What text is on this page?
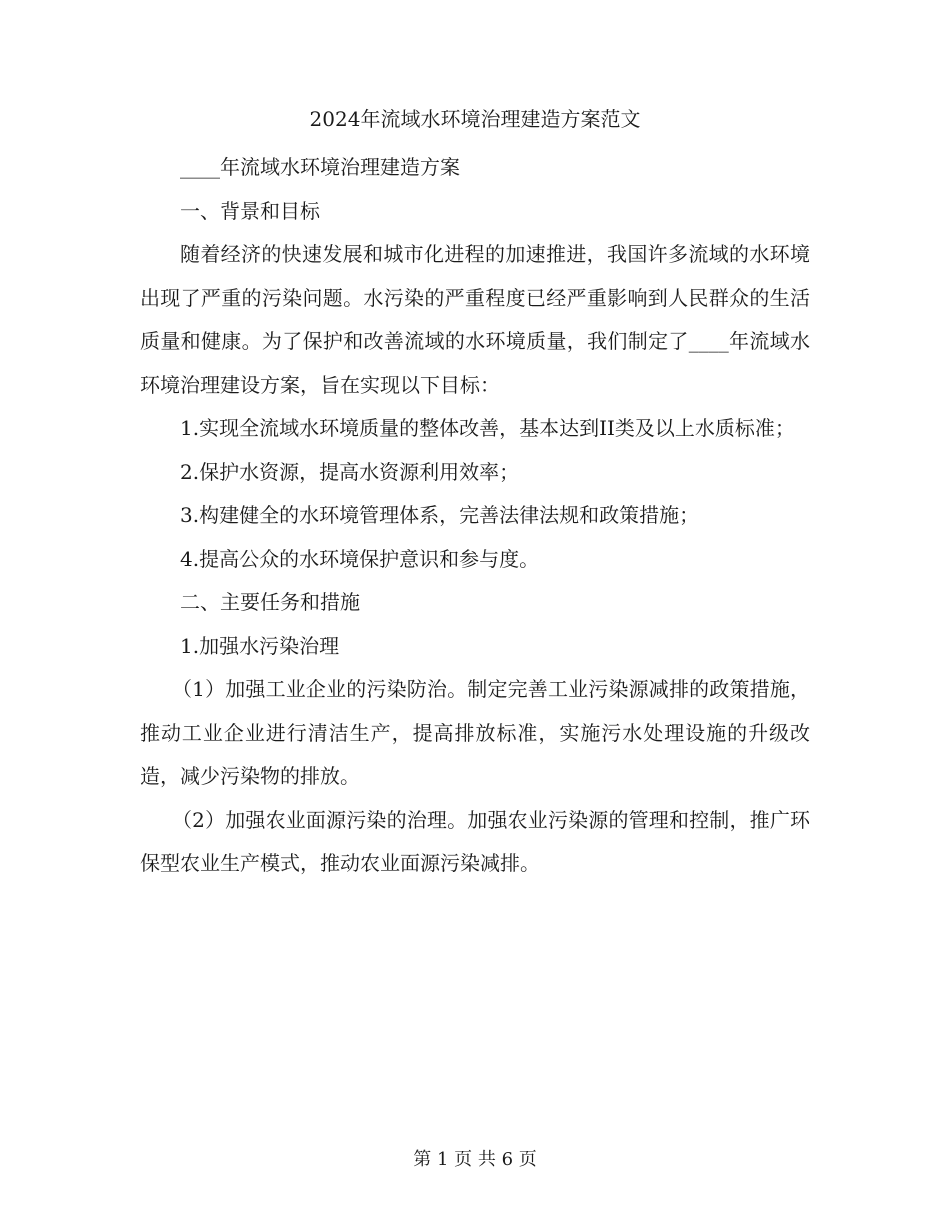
2024年流域水环境治理建造方案范文

____年流域水环境治理建造方案

一、背景和目标

随着经济的快速发展和城市化进程的加速推进，我国许多流域的水环境出现了严重的污染问题。水污染的严重程度已经严重影响到人民群众的生活质量和健康。为了保护和改善流域的水环境质量，我们制定了____年流域水环境治理建设方案，旨在实现以下目标：

1.实现全流域水环境质量的整体改善，基本达到II类及以上水质标准；

2.保护水资源，提高水资源利用效率；

3.构建健全的水环境管理体系，完善法律法规和政策措施；

4.提高公众的水环境保护意识和参与度。

二、主要任务和措施

1.加强水污染治理

（1）加强工业企业的污染防治。制定完善工业污染源减排的政策措施，推动工业企业进行清洁生产，提高排放标准，实施污水处理设施的升级改造，减少污染物的排放。

（2）加强农业面源污染的治理。加强农业污染源的管理和控制，推广环保型农业生产模式，推动农业面源污染减排。

第 1 页 共 6 页
